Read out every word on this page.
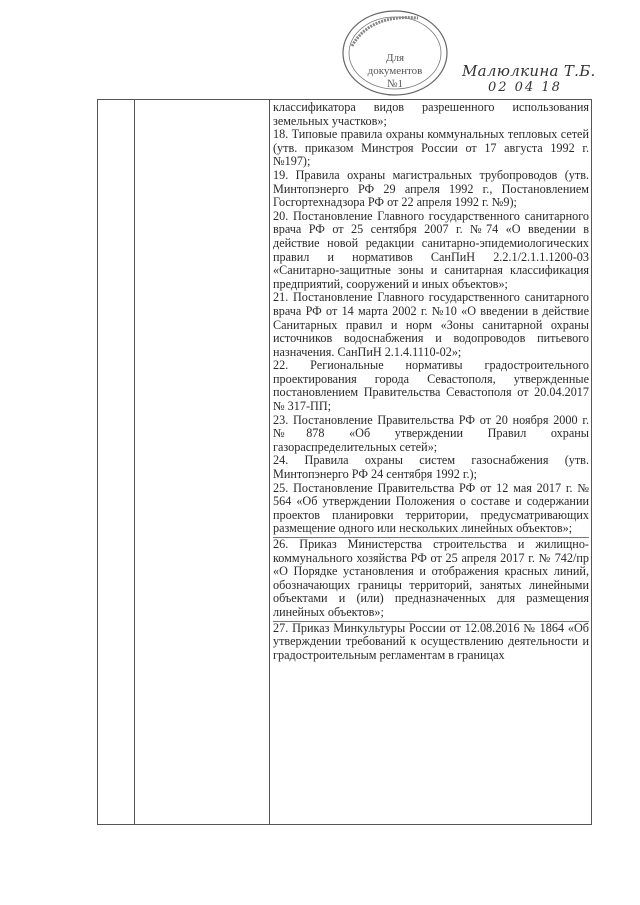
Для
документов
№1
Малюлкина Т.Б.
02 04 18

классификатора видов разрешенного использования земельных участков»;

18. Типовые правила охраны коммунальных тепловых сетей (утв. приказом Минстроя России от 17 августа 1992 г. №197);

19. Правила охраны магистральных трубопроводов (утв. Минтопэнерго РФ 29 апреля 1992 г., Постановлением Госгортехнадзора РФ от 22 апреля 1992 г. №9);

20. Постановление Главного государственного санитарного врача РФ от 25 сентября 2007 г. №74 «О введении в действие новой редакции санитарно-эпидемиологических правил и нормативов СанПиН 2.2.1/2.1.1.1200-03 «Санитарно-защитные зоны и санитарная классификация предприятий, сооружений и иных объектов»;

21. Постановление Главного государственного санитарного врача РФ от 14 марта 2002 г. №10 «О введении в действие Санитарных правил и норм «Зоны санитарной охраны источников водоснабжения и водопроводов питьевого назначения. СанПиН 2.1.4.1110-02»;

22. Региональные нормативы градостроительного проектирования города Севастополя, утвержденные постановлением Правительства Севастополя от 20.04.2017 № 317-ПП;

23. Постановление Правительства РФ от 20 ноября 2000 г. №878 «Об утверждении Правил охраны газораспределительных сетей»;

24. Правила охраны систем газоснабжения (утв. Минтопэнерго РФ 24 сентября 1992 г.);

25. Постановление Правительства РФ от 12 мая 2017 г. № 564 «Об утверждении Положения о составе и содержании проектов планировки территории, предусматривающих размещение одного или нескольких линейных объектов»;

26. Приказ Министерства строительства и жилищно-коммунального хозяйства РФ от 25 апреля 2017 г. № 742/пр «О Порядке установления и отображения красных линий, обозначающих границы территорий, занятых линейными объектами и (или) предназначенных для размещения линейных объектов»;

27. Приказ Минкультуры России от 12.08.2016 № 1864 «Об утверждении требований к осуществлению деятельности и градостроительным регламентам в границах
